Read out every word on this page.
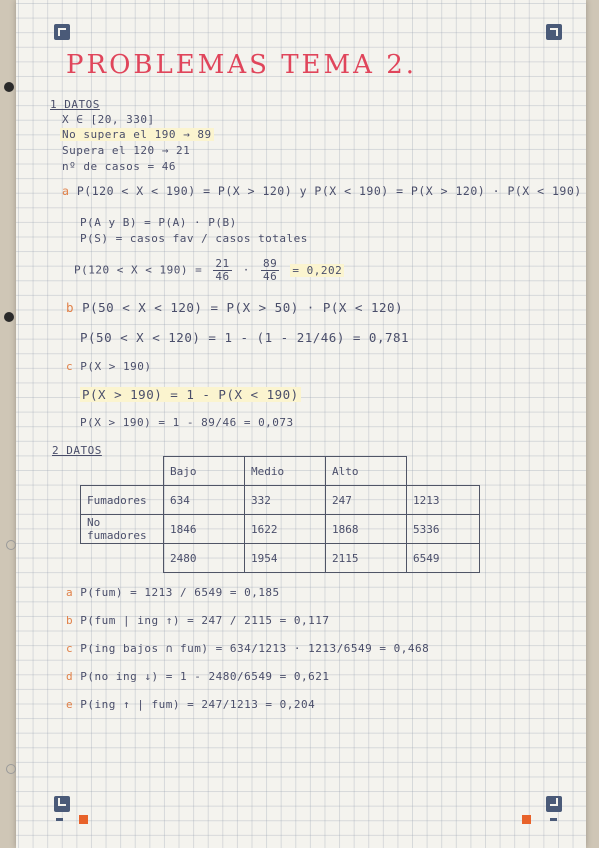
PROBLEMAS TEMA 2.
1 DATOS
X ∈ [20, 330]
No supera el 190 → 89
Supera el 120 → 21
nº de casos = 46
a P(120 < X < 190) = P(X > 120) y P(X < 190) = P(X > 120) · P(X < 190)
P(A y B) = P(A) · P(B)
P(S) = casos fav / casos totales
$P(120 < X < 190) = \frac{21}{46} \cdot \frac{89}{46} = 0,202$
b P(50 < X < 120) = P(X > 50) · P(X < 120)
P(50 < X < 120) = 1 - (1 - 21/46) = 0,781
c P(X > 190)
P(X > 190) = 1 - P(X < 190)
P(X > 190) = 1 - 89/46 = 0,073
2 DATOS
	Bajo	Medio	Alto	
Fumadores	634	332	247	1213
No fumadores	1846	1622	1868	5336
	2480	1954	2115	6549
a P(fum) = 1213 / 6549 = 0,185
b P(fum | ing ↑) = 247 / 2115 = 0,117
c P(ing bajos ∩ fum) = 634/1213 · 1213/6549 = 0,468
d P(no ing ↓) = 1 - 2480/6549 = 0,621
e P(ing ↑ | fum) = 247/1213 = 0,204
